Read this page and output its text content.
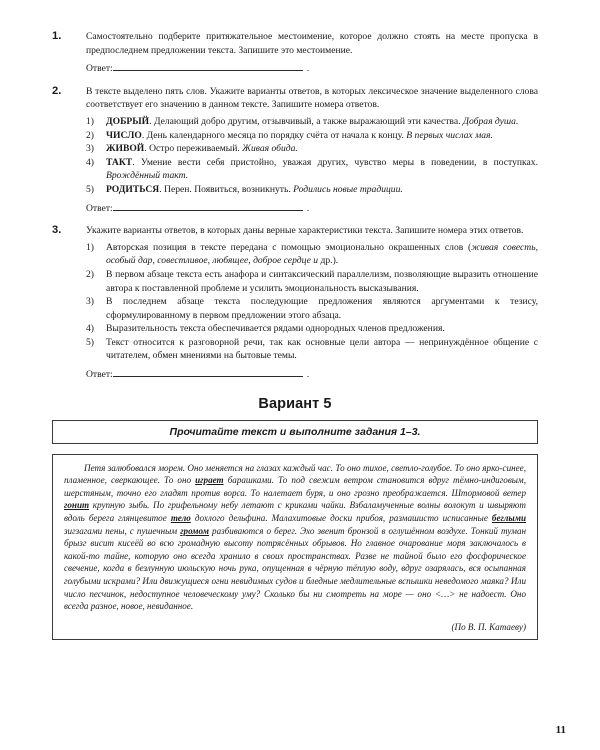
1.	Самостоятельно подберите притяжательное местоимение, которое должно стоять на месте пропуска в предпоследнем предложении текста. Запишите это местоимение.
Ответ:	.
2.	В тексте выделено пять слов. Укажите варианты ответов, в которых лексическое значение выделенного слова соответствует его значению в данном тексте. Запишите номера ответов.
1)	ДОБРЫЙ. Делающий добро другим, отзывчивый, а также выражающий эти качества. Добрая душа.
2)	ЧИСЛО. День календарного месяца по порядку счёта от начала к концу. В первых числах мая.
3)	ЖИВОЙ. Остро переживаемый. Живая обида.
4)	ТАКТ. Умение вести себя пристойно, уважая других, чувство меры в поведении, в поступках. Врождённый такт.
5)	РОДИТЬСЯ. Перен. Появиться, возникнуть. Родились новые традиции.
Ответ:	.
3.	Укажите варианты ответов, в которых даны верные характеристики текста. Запишите номера этих ответов.
1)	Авторская позиция в тексте передана с помощью эмоционально окрашенных слов (живая совесть, особый дар, совестливое, любящее, доброе сердце и др.).
2)	В первом абзаце текста есть анафора и синтаксический параллелизм, позволяющие выразить отношение автора к поставленной проблеме и усилить эмоциональность высказывания.
3)	В последнем абзаце текста последующие предложения являются аргументами к тезису, сформулированному в первом предложении этого абзаца.
4)	Выразительность текста обеспечивается рядами однородных членов предложения.
5)	Текст относится к разговорной речи, так как основные цели автора — непринуждённое общение с читателем, обмен мнениями на бытовые темы.
Ответ:	.
Вариант 5
Прочитайте текст и выполните задания 1–3.
Петя залюбовался морем. Оно меняется на глазах каждый час. То оно тихое, светло-голубое. То оно ярко-синее, пламенное, сверкающее. То оно играет барашками. То под свежим ветром становится вдруг тёмно-индиговым, шерстяным, точно его гладят против ворса. То налетает буря, и оно грозно преображается. Штормовой ветер гонит крупную зыбь. По грифельному небу летают с криками чайки. Взбаламученные волны волокут и швыряют вдоль берега глянцевитое тело дохлого дельфина. Малахитовые доски прибоя, размашисто исписанные беглыми зигзагами пены, с пушечным громом разбиваются о берег. Эхо звенит бронзой в оглушённом воздухе. Тонкий туман брызг висит кисеёй во всю громадную высоту потрясённых обрывов. Но главное очарование моря заключалось в какой-то тайне, которую оно всегда хранило в своих пространствах. Разве не тайной было его фосфорическое свечение, когда в безлунную июльскую ночь рука, опущенная в чёрную тёплую воду, вдруг озарялась, вся осыпанная голубыми искрами? Или движущиеся огни невидимых судов и бледные медлительные вспышки неведомого маяка? Или число песчинок, недоступное человеческому уму? Сколько бы ни смотреть на море — оно <…> не надоест. Оно всегда разное, новое, невиданное.
(По В. П. Катаеву)
11
